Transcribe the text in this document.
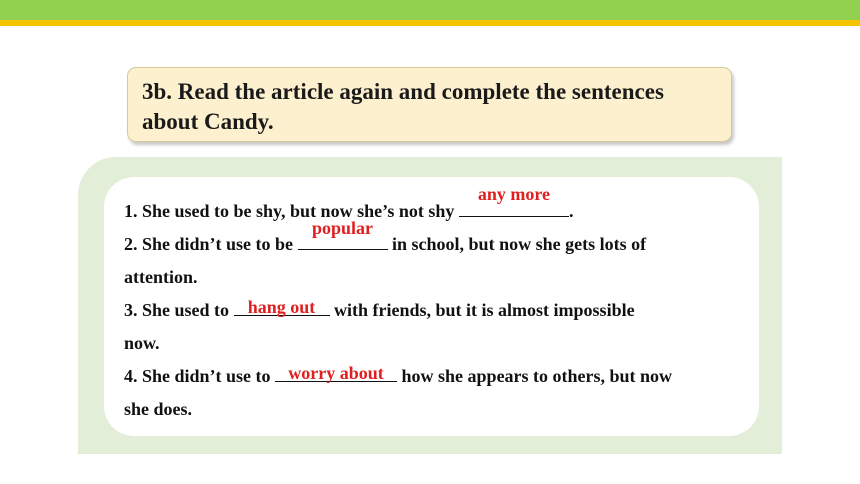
3b. Read the article again and complete the sentences
about Candy.
1. She used to be shy, but now she’s not shy
any more
.
2. She didn’t use to be
popular
in school, but now she gets lots of
attention.
3. She used to hang out with friends, but it is almost impossible
now.
4. She didn’t use to worry about how she appears to others, but now
she does.
